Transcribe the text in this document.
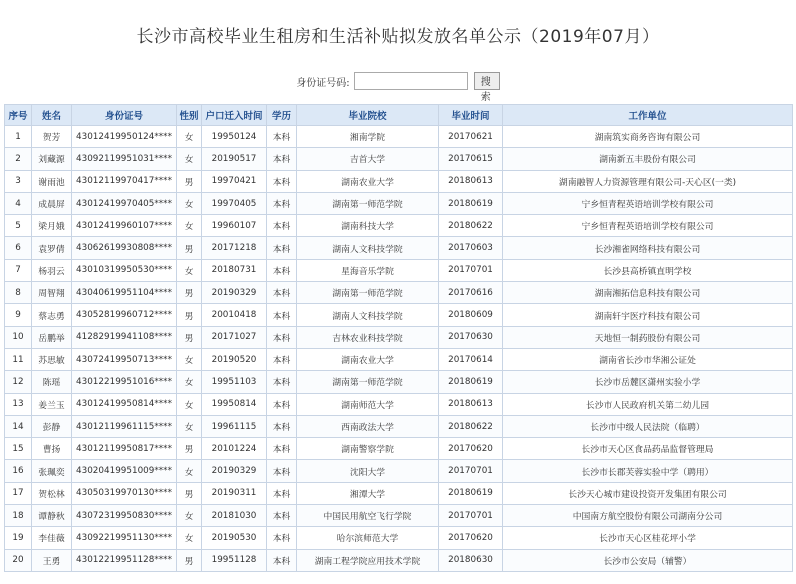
长沙市高校毕业生租房和生活补贴拟发放名单公示（2019年07月）
身份证号码:	搜 索
序号	姓名	身份证号	性别	户口迁入时间	学历	毕业院校	毕业时间	工作单位
1	贺芳	43012419950124****	女	19950124	本科	湘南学院	20170621	湖南筑实商务咨询有限公司
2	刘藏源	43092119951031****	女	20190517	本科	吉首大学	20170615	湖南新五丰股份有限公司
3	谢雨池	43012119970417****	男	19970421	本科	湖南农业大学	20180613	湖南融智人力资源管理有限公司-天心区(一类)
4	成晨屏	43012419970405****	女	19970405	本科	湖南第一师范学院	20180619	宁乡恒青程英语培训学校有限公司
5	梁月娥	43012419960107****	女	19960107	本科	湖南科技大学	20180622	宁乡恒青程英语培训学校有限公司
6	袁罗倩	43062619930808****	男	20171218	本科	湖南人文科技学院	20170603	长沙湘雀网络科技有限公司
7	杨羽云	43010319950530****	女	20180731	本科	星海音乐学院	20170701	长沙县高桥镇直明学校
8	周智翔	43040619951104****	男	20190329	本科	湖南第一师范学院	20170616	湖南湘拓信息科技有限公司
9	蔡志勇	43052819960712****	男	20010418	本科	湖南人文科技学院	20180609	湖南轩宇医疗科技有限公司
10	岳鹏举	41282919941108****	男	20171027	本科	吉林农业科技学院	20170630	天地恒一制药股份有限公司
11	苏思敏	43072419950713****	女	20190520	本科	湖南农业大学	20170614	湖南省长沙市华湘公证处
12	陈瑶	43012219951016****	女	19951103	本科	湖南第一师范学院	20180619	长沙市岳麓区潇州实验小学
13	姜兰玉	43012419950814****	女	19950814	本科	湖南师范大学	20180613	长沙市人民政府机关第二幼儿园
14	彭静	43012119961115****	女	19961115	本科	西南政法大学	20180622	长沙市中级人民法院（临聘）
15	曹扬	43012119950817****	男	20101224	本科	湖南警察学院	20170620	长沙市天心区食品药品监督管理局
16	张珮奕	43020419951009****	女	20190329	本科	沈阳大学	20170701	长沙市长郡芙蓉实验中学（聘用）
17	贺松林	43050319970130****	男	20190311	本科	湘潭大学	20180619	长沙天心城市建设投资开发集团有限公司
18	谭静秋	43072319950830****	女	20181030	本科	中国民用航空飞行学院	20170701	中国南方航空股份有限公司湖南分公司
19	李佳薇	43092219951130****	女	20190530	本科	哈尔滨师范大学	20170620	长沙市天心区桂花坪小学
20	王勇	43012219951128****	男	19951128	本科	湖南工程学院应用技术学院	20180630	长沙市公安局（辅警）
